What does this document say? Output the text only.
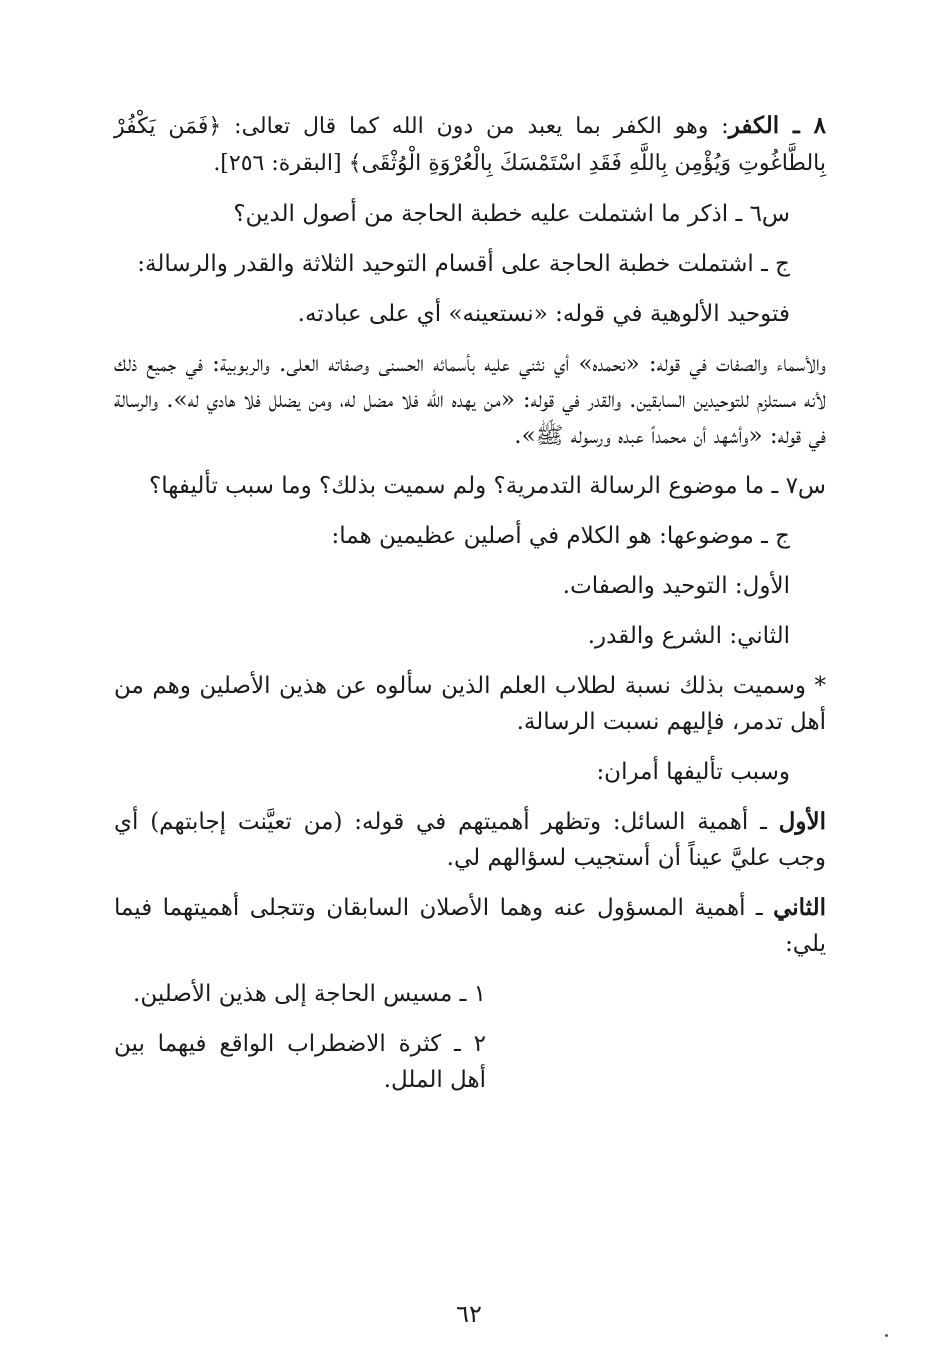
٨ ـ الكفر: وهو الكفر بما يعبد من دون الله كما قال تعالى: ﴿فَمَن يَكْفُرْ بِالطَّاغُوتِ وَيُؤْمِن بِاللَّهِ فَقَدِ اسْتَمْسَكَ بِالْعُرْوَةِ الْوُثْقَى﴾ [البقرة: ٢٥٦].

س٦ ـ اذكر ما اشتملت عليه خطبة الحاجة من أصول الدين؟

ج ـ اشتملت خطبة الحاجة على أقسام التوحيد الثلاثة والقدر والرسالة:

فتوحيد الألوهية في قوله: «نستعينه» أي على عبادته.

والأسماء والصفات في قوله: «نحمده» أي نثني عليه بأسمائه الحسنى وصفاته العلى. والربوبية: في جميع ذلك لأنه مستلزم للتوحيدين السابقين. والقدر في قوله: «من يهده الله فلا مضل له، ومن يضلل فلا هادي له». والرسالة في قوله: «وأشهد أن محمداً عبده ورسوله ﷺ».

س٧ ـ ما موضوع الرسالة التدمرية؟ ولم سميت بذلك؟ وما سبب تأليفها؟

ج ـ موضوعها: هو الكلام في أصلين عظيمين هما:

الأول: التوحيد والصفات.

الثاني: الشرع والقدر.

* وسميت بذلك نسبة لطلاب العلم الذين سألوه عن هذين الأصلين وهم من أهل تدمر، فإليهم نسبت الرسالة.

وسبب تأليفها أمران:

الأول ـ أهمية السائل: وتظهر أهميتهم في قوله: (من تعيَّنت إجابتهم) أي وجب عليَّ عيناً أن أستجيب لسؤالهم لي.

الثاني ـ أهمية المسؤول عنه وهما الأصلان السابقان وتتجلى أهميتهما فيما يلي:

١ ـ مسيس الحاجة إلى هذين الأصلين.

٢ ـ كثرة الاضطراب الواقع فيهما بين أهل الملل.

٦٢
